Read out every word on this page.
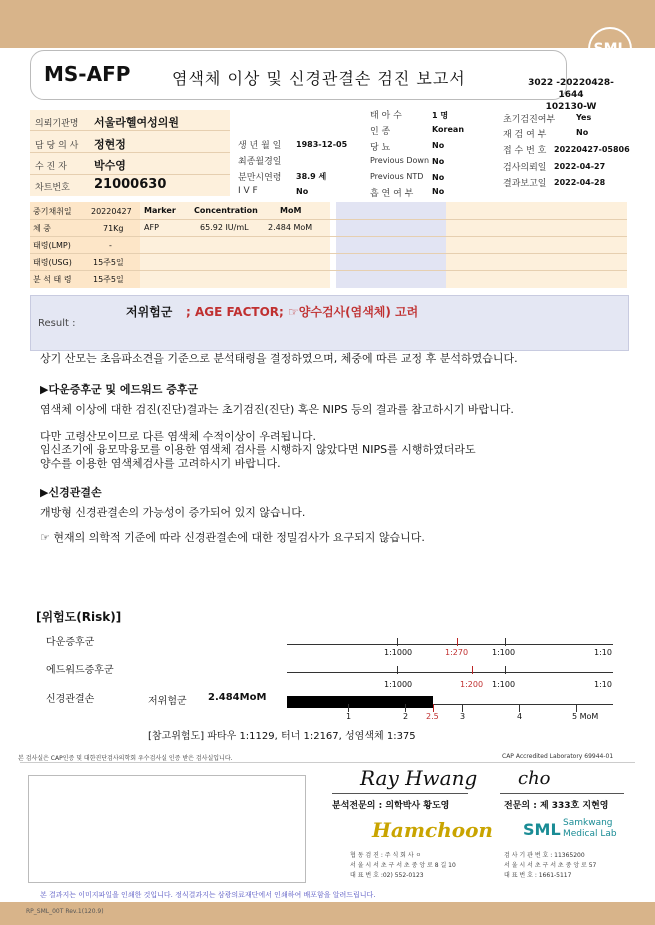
SML
MS-AFP	염색체 이상 및 신경관결손 검진 보고서	3022 -20220428-1644
102130-W
의뢰기관명 서울라헬여성의원
담 당 의 사 정현정
수 진 자 박수영
차트번호 21000630
생 년 월 일 1983-12-05
최종월경일
분만시연령 38.9 세
I V F	No
태 아 수	1 명
인 종	Korean
당 뇨	No
Previous Down No
Previous NTD No
흡 연 여 부 No
초기검진여부	Yes
재 검 여 부	No
접 수 번 호 20220427-05806
검사의뢰일 2022-04-27
결과보고일 2022-04-28
중기채취일 20220427
체 중	71Kg
태령(LMP)	-
태령(USG)	15주5일
분 석 태 령	15주5일
Marker Concentration	MoM
AFP	65.92 IU/mL 2.484 MoM
Result :
저위험군 ; AGE FACTOR; ☞양수검사(염색체) 고려
상기 산모는 초음파소견을 기준으로 분석태령을 결정하였으며, 체중에 따른 교정 후 분석하였습니다.
▶다운증후군 및 에드워드 증후군
염색체 이상에 대한 검진(진단)결과는 초기검진(진단) 혹은 NIPS 등의 결과를 참고하시기 바랍니다.
다만 고령산모이므로 다른 염색체 수적이상이 우려됩니다.
임신조기에 융모막융모를 이용한 염색체 검사를 시행하지 않았다면 NIPS를 시행하였더라도
양수를 이용한 염색체검사를 고려하시기 바랍니다.
▶신경관결손
개방형 신경관결손의 가능성이 증가되어 있지 않습니다.
☞ 현재의 의학적 기준에 따라 신경관결손에 대한 정밀검사가 요구되지 않습니다.
[위험도(Risk)]
다운증후군
1:1000	1:270	1:100	1:10
에드워드증후군
1:1000	1:200 1:100	1:10
신경관결손	저위험군 2.484MoM
1	2 2.5	3	4	5 MoM
[참고위험도] 파타우 1:1129, 터너 1:2167, 성염색체 1:375
본 검사실은 CAP인증 및 대한진단검사의학회 우수검사실 인증 받은 검사실입니다.	CAP Accredited Laboratory 69944-01
Ray Hwang
분석전문의 : 의학박사 황도영
Hamchoon
협 동 검 진 : 주 식 회 사 ㅇ
서 울 시 서 초 구 서 초 중 앙 로 8 길 10
대 표 번 호 :02) 552-0123
cho
전문의 : 제 333호 지현영
SML Samkwang
Medical Lab
검 사 기 관 번 호 : 11365200
서 울 시 서 초 구 서 초 중 앙 로 57
대 표 번 호 : 1661-5117
본 결과지는 이미지파일을 인쇄한 것입니다. 정식결과지는 삼광의료재단에서 인쇄하여 배포함을 알려드립니다.
RP_SML_00T Rev.1(120.9)
